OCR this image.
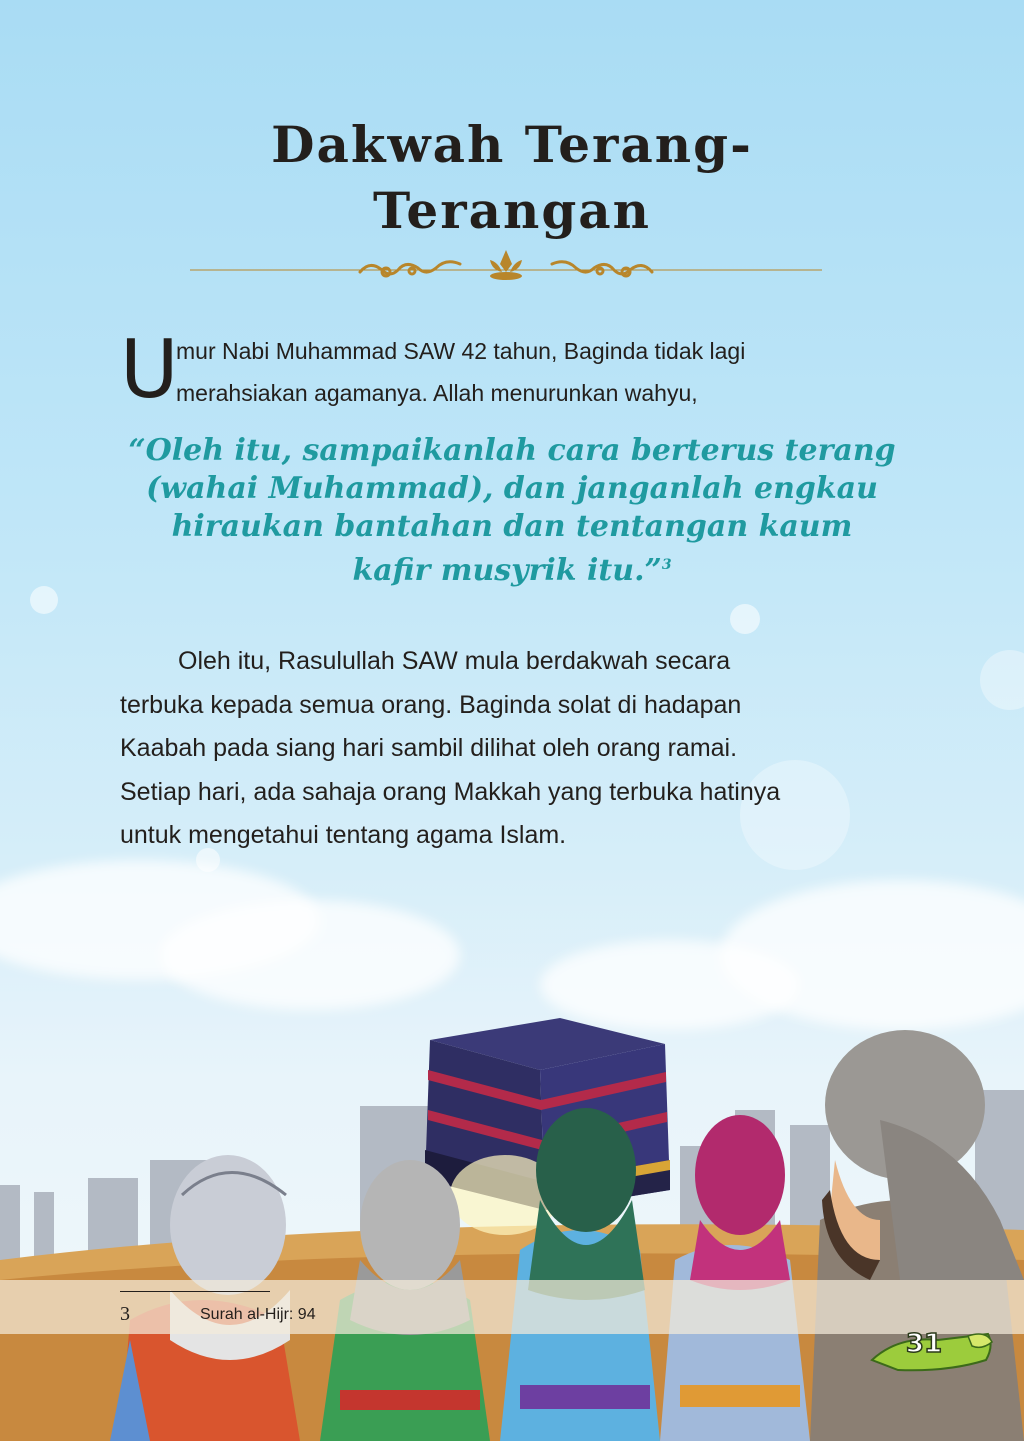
Dakwah Terang-
Terangan
U
mur Nabi Muhammad SAW 42 tahun, Baginda tidak lagi
merahsiakan agamanya. Allah menurunkan wahyu,
“Oleh itu, sampaikanlah cara berterus terang
(wahai Muhammad), dan janganlah engkau
hiraukan bantahan dan tentangan kaum
kafir musyrik itu.”$^3$
Oleh itu, Rasulullah SAW mula berdakwah secara
terbuka kepada semua orang. Baginda solat di hadapan
Kaabah pada siang hari sambil dilihat oleh orang ramai.
Setiap hari, ada sahaja orang Makkah yang terbuka hatinya
untuk mengetahui tentang agama Islam.
3	Surah al-Hijr: 94
31
